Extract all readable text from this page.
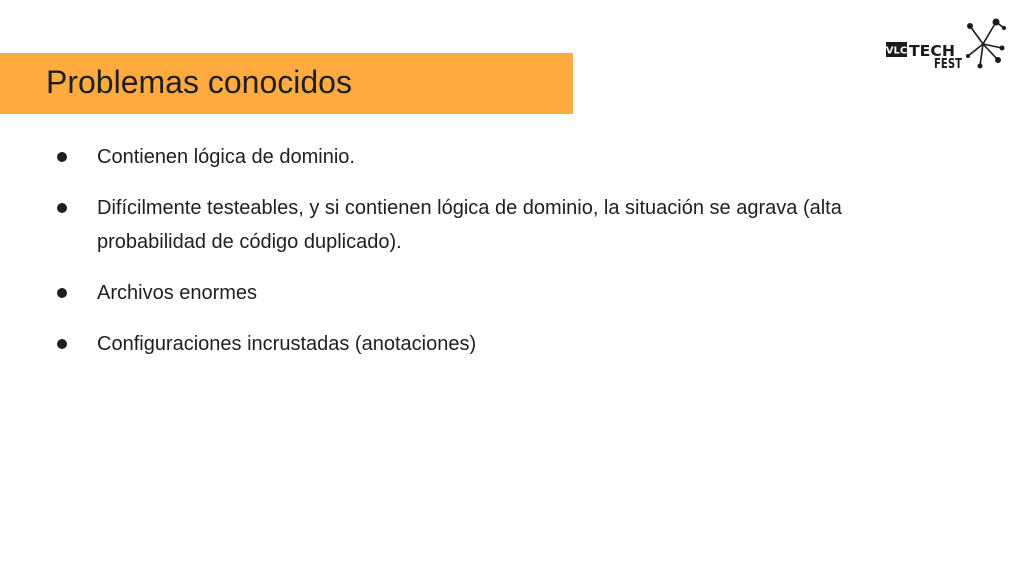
Problemas conocidos
VLC TECH
FEST
Contienen lógica de dominio.
Difícilmente testeables, y si contienen lógica de dominio, la situación se agrava (alta probabilidad de código duplicado).
Archivos enormes
Configuraciones incrustadas (anotaciones)
